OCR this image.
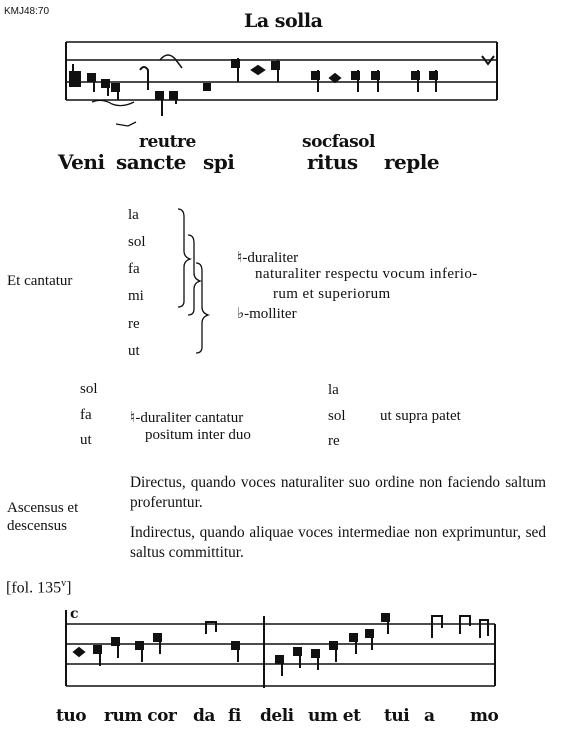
KMJ48:70	La solla
reutre	socfasol
Veni sancte spi	ritus reple
Et cantatur
la
sol
fa
mi
re
ut
♮-duraliter
naturaliter respectu vocum inferio-
rum et superiorum
♭-molliter
sol
fa
ut
♮-duraliter cantatur
positum inter duo
la
sol
re
ut supra patet
Ascensus et
descensus
Directus, quando voces naturaliter suo ordine non faciendo saltum proferuntur.
Indirectus, quando aliquae voces intermediae non exprimuntur, sed saltus committitur.
[fol. 135$^v$]
c
tuo rum cor da fi deli um et tui a mo
